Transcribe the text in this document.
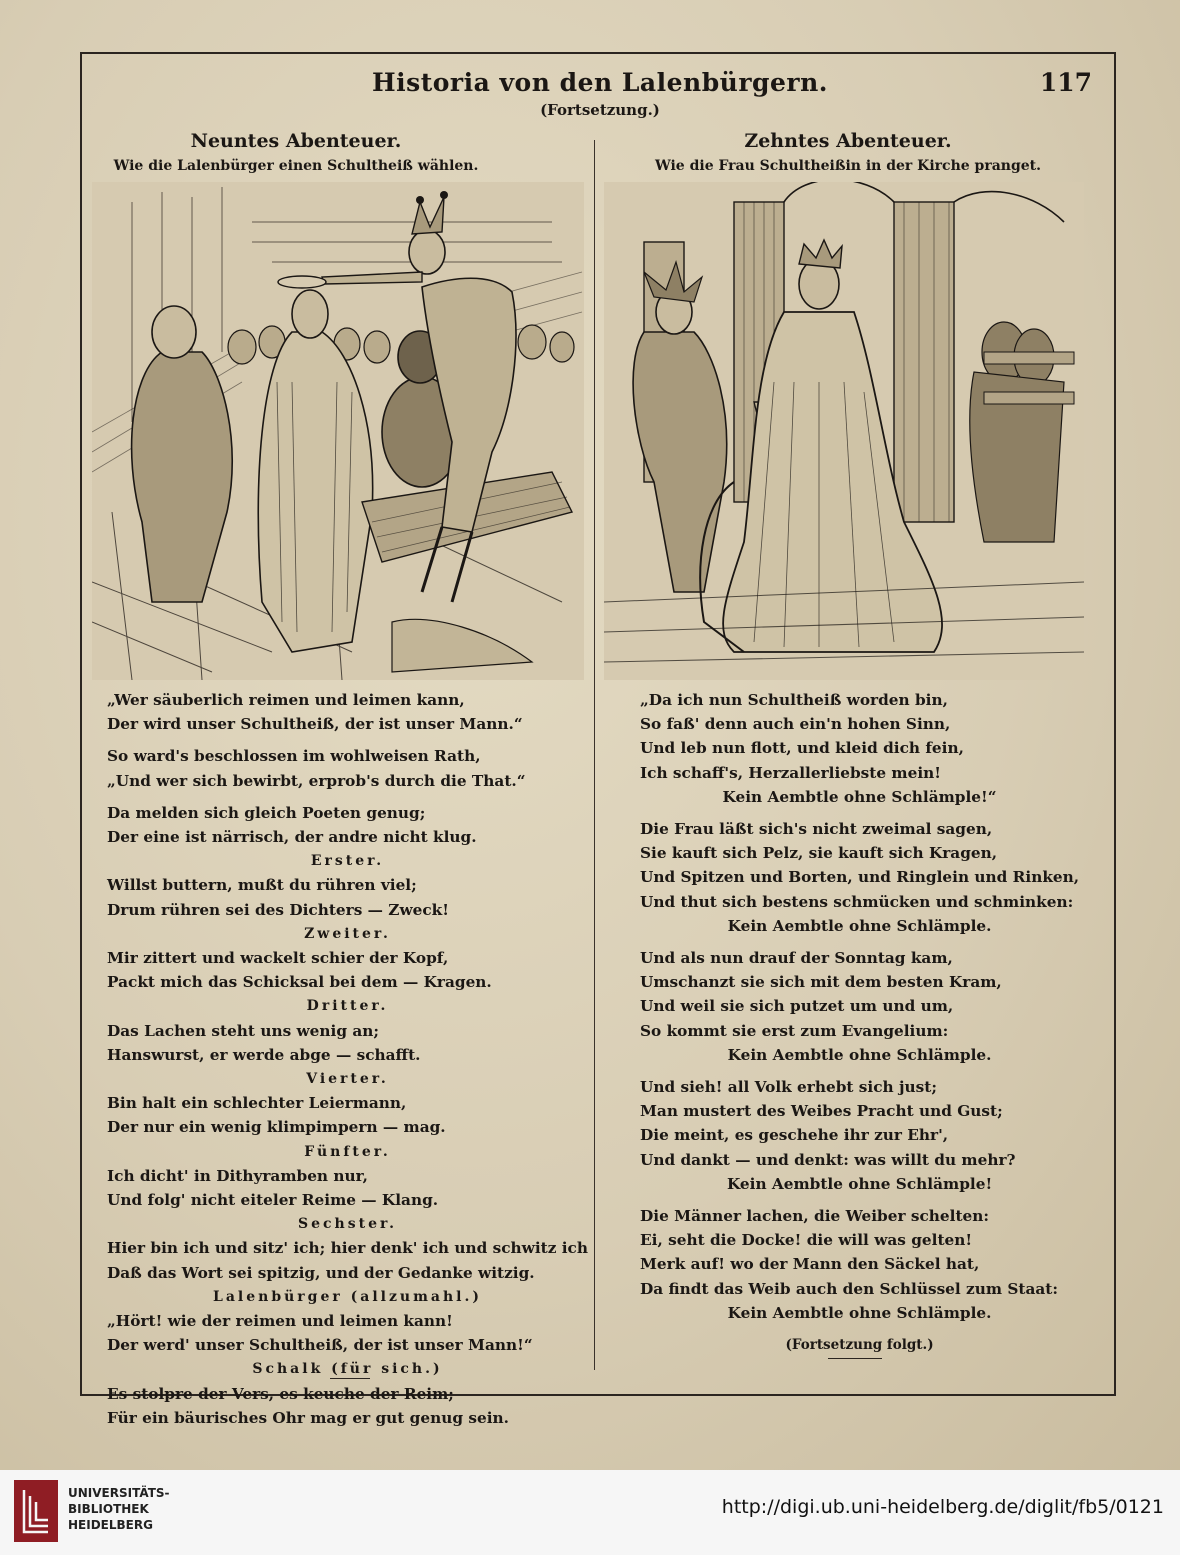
Historia von den Lalenbürgern.	117
(Fortsetzung.)
Neuntes Abenteuer.
Wie die Lalenbürger einen Schultheiß wählen.
„Wer säuberlich reimen und leimen kann,
Der wird unser Schultheiß, der ist unser Mann.“
So ward's beschlossen im wohlweisen Rath,
„Und wer sich bewirbt, erprob's durch die That.“
Da melden sich gleich Poeten genug;
Der eine ist närrisch, der andre nicht klug.
Erster.
Willst buttern, mußt du rühren viel;
Drum rühren sei des Dichters — Zweck!
Zweiter.
Mir zittert und wackelt schier der Kopf,
Packt mich das Schicksal bei dem — Kragen.
Dritter.
Das Lachen steht uns wenig an;
Hanswurst, er werde abge — schafft.
Vierter.
Bin halt ein schlechter Leiermann,
Der nur ein wenig klimpimpern — mag.
Fünfter.
Ich dicht' in Dithyramben nur,
Und folg' nicht eiteler Reime — Klang.
Sechster.
Hier bin ich und sitz' ich; hier denk' ich und schwitz ich
Daß das Wort sei spitzig, und der Gedanke witzig.
Lalenbürger (allzumahl.)
„Hört! wie der reimen und leimen kann!
Der werd' unser Schultheiß, der ist unser Mann!“
Schalk (für sich.)
Es stolpre der Vers, es keuche der Reim;
Für ein bäurisches Ohr mag er gut genug sein.
Zehntes Abenteuer.
Wie die Frau Schultheißin in der Kirche pranget.
„Da ich nun Schultheiß worden bin,
So faß' denn auch ein'n hohen Sinn,
Und leb nun flott, und kleid dich fein,
Ich schaff's, Herzallerliebste mein!
Kein Aembtle ohne Schlämple!“
Die Frau läßt sich's nicht zweimal sagen,
Sie kauft sich Pelz, sie kauft sich Kragen,
Und Spitzen und Borten, und Ringlein und Rinken,
Und thut sich bestens schmücken und schminken:
Kein Aembtle ohne Schlämple.
Und als nun drauf der Sonntag kam,
Umschanzt sie sich mit dem besten Kram,
Und weil sie sich putzet um und um,
So kommt sie erst zum Evangelium:
Kein Aembtle ohne Schlämple.
Und sieh! all Volk erhebt sich just;
Man mustert des Weibes Pracht und Gust;
Die meint, es geschehe ihr zur Ehr',
Und dankt — und denkt: was willt du mehr?
Kein Aembtle ohne Schlämple!
Die Männer lachen, die Weiber schelten:
Ei, seht die Docke! die will was gelten!
Merk auf! wo der Mann den Säckel hat,
Da findt das Weib auch den Schlüssel zum Staat:
Kein Aembtle ohne Schlämple.
(Fortsetzung folgt.)
UNIVERSITÄTS-
BIBLIOTHEK
HEIDELBERG
http://digi.ub.uni-heidelberg.de/diglit/fb5/0121
